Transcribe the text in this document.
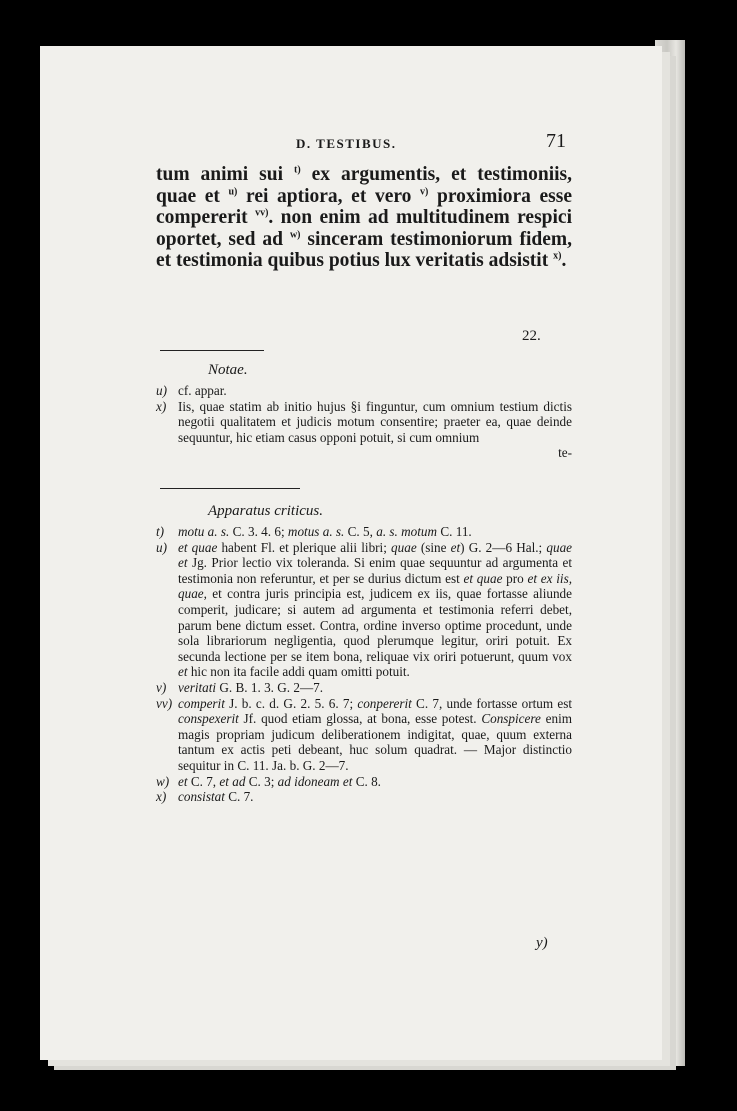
D. TESTIBUS.	71

tum animi sui $^{t)}$ ex argumentis, et testimoniis, quae et $^{u)}$ rei aptiora, et vero $^{v)}$ proximiora esse compererit $^{vv)}$. non enim ad multitudinem respici oportet, sed ad $^{w)}$ sinceram testimoniorum fidem, et testimonia quibus potius lux veritatis adsistit $^{x)}$.

22.
Notae.
u) cf. appar.
x) Iis, quae statim ab initio hujus §i finguntur, cum omnium testium dictis negotii qualitatem et judicis motum consentire; praeter ea, quae deinde sequuntur, hic etiam casus opponi potuit, si cum omnium
te-
Apparatus criticus.
t)	motu a. s. C. 3. 4. 6; motus a. s. C. 5, a. s. motum C. 11.
u) et quae habent Fl. et plerique alii libri; quae (sine et) G. 2—6 Hal.; quae et Jg. Prior lectio vix toleranda. Si enim quae sequuntur ad argumenta et testimonia non referuntur, et per se durius dictum est et quae pro et ex iis, quae, et contra juris principia est, judicem ex iis, quae fortasse aliunde comperit, judicare; si autem ad argumenta et testimonia referri debet, parum bene dictum esset. Contra, ordine inverso optime procedunt, unde sola librariorum negligentia, quod plerumque legitur, oriri potuit. Ex secunda lectione per se item bona, reliquae vix oriri potuerunt, quum vox et hic non ita facile addi quam omitti potuit.
v) veritati G. B. 1. 3. G. 2—7.
vv) comperit J. b. c. d. G. 2. 5. 6. 7; conpererit C. 7, unde fortasse ortum est conspexerit Jf. quod etiam glossa, at bona, esse potest. Conspicere enim magis propriam judicum deliberationem indigitat, quae, quum externa tantum ex actis peti debeant, huc solum quadrat. — Major distinctio sequitur in C. 11. Ja. b. G. 2—7.
w) et C. 7, et ad C. 3; ad idoneam et C. 8.
x) consistat C. 7.
y)
